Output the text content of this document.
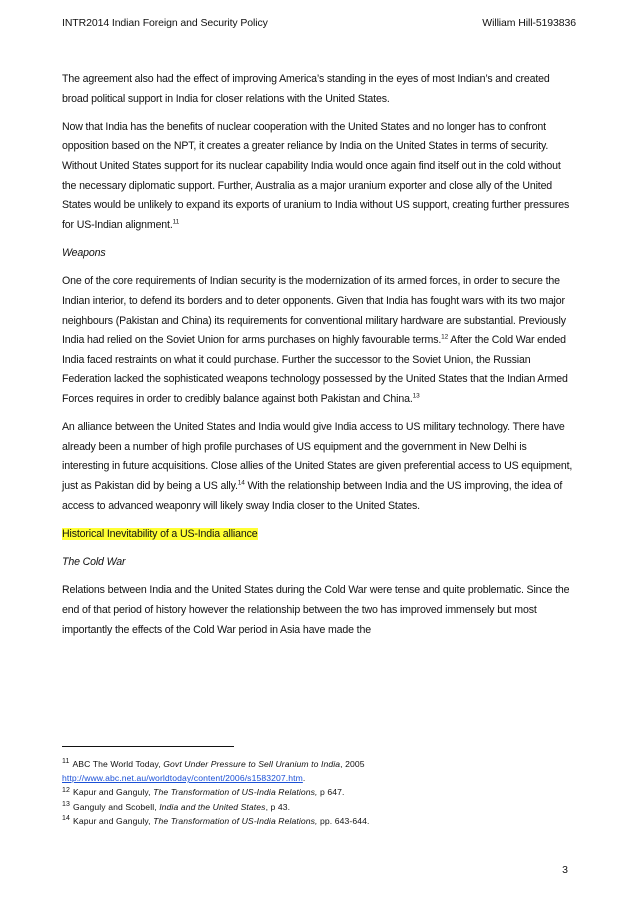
INTR2014 Indian Foreign and Security Policy	William Hill-5193836

The agreement also had the effect of improving America’s standing in the eyes of most Indian’s and created broad political support in India for closer relations with the United States.

Now that India has the benefits of nuclear cooperation with the United States and no longer has to confront opposition based on the NPT, it creates a greater reliance by India on the United States in terms of security. Without United States support for its nuclear capability India would once again find itself out in the cold without the necessary diplomatic support. Further, Australia as a major uranium exporter and close ally of the United States would be unlikely to expand its exports of uranium to India without US support, creating further pressures for US-Indian alignment.$^{11}$

Weapons

One of the core requirements of Indian security is the modernization of its armed forces, in order to secure the Indian interior, to defend its borders and to deter opponents. Given that India has fought wars with its two major neighbours (Pakistan and China) its requirements for conventional military hardware are substantial. Previously India had relied on the Soviet Union for arms purchases on highly favourable terms.$^{12}$ After the Cold War ended India faced restraints on what it could purchase. Further the successor to the Soviet Union, the Russian Federation lacked the sophisticated weapons technology possessed by the United States that the Indian Armed Forces requires in order to credibly balance against both Pakistan and China.$^{13}$

An alliance between the United States and India would give India access to US military technology. There have already been a number of high profile purchases of US equipment and the government in New Delhi is interesting in future acquisitions. Close allies of the United States are given preferential access to US equipment, just as Pakistan did by being a US ally.$^{14}$ With the relationship between India and the US improving, the idea of access to advanced weaponry will likely sway India closer to the United States.

Historical Inevitability of a US-India alliance

The Cold War

Relations between India and the United States during the Cold War were tense and quite problematic. Since the end of that period of history however the relationship between the two has improved immensely but most importantly the effects of the Cold War period in Asia have made the

$^{11}$ ABC The World Today, Govt Under Pressure to Sell Uranium to India, 2005
http://www.abc.net.au/worldtoday/content/2006/s1583207.htm.
$^{12}$ Kapur and Ganguly, The Transformation of US-India Relations, p 647.
$^{13}$ Ganguly and Scobell, India and the United States, p 43.
$^{14}$ Kapur and Ganguly, The Transformation of US-India Relations, pp. 643-644.
3
